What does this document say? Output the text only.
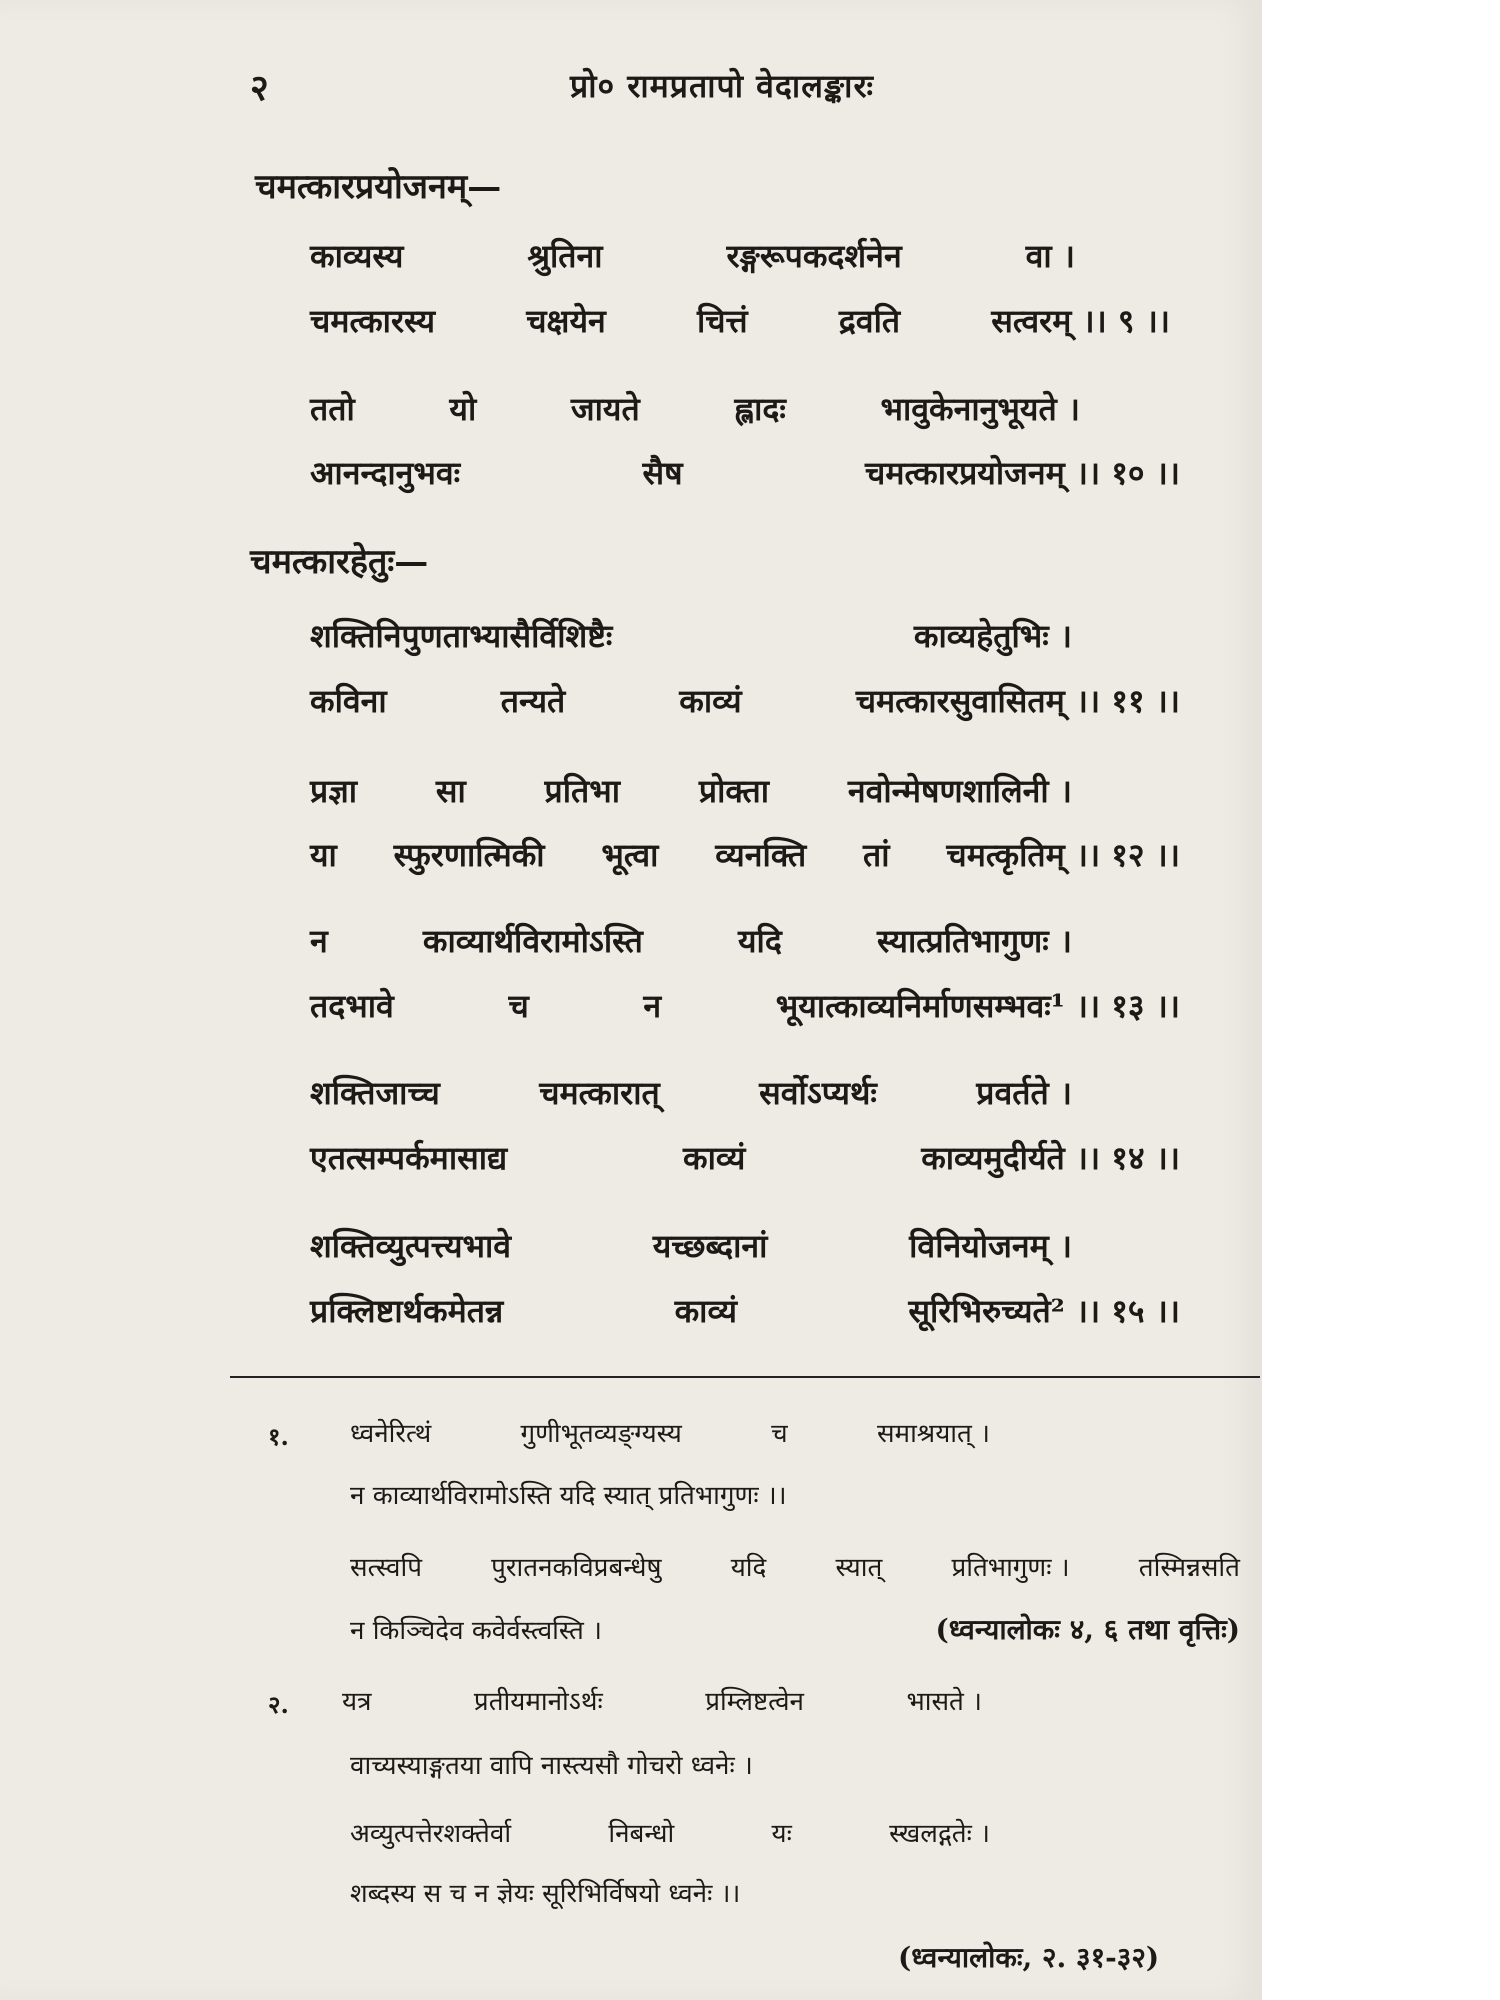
२	प्रो० रामप्रतापो वेदालङ्कारः
चमत्कारप्रयोजनम्—
काव्यस्य	श्रुतिना	रङ्गरूपकदर्शनेन	वा ।
चमत्कारस्य	चक्षयेन	चित्तं	द्रवति	सत्वरम् ।। ९ ।।
ततो	यो	जायते	ह्लादः	भावुकेनानुभूयते ।
आनन्दानुभवः	सैष	चमत्कारप्रयोजनम् ।। १० ।।
चमत्कारहेतुः—
शक्तिनिपुणताभ्यासैर्विशिष्टैः	काव्यहेतुभिः ।
कविना	तन्यते	काव्यं	चमत्कारसुवासितम् ।। ११ ।।
प्रज्ञा सा प्रतिभा प्रोक्ता नवोन्मेषणशालिनी ।
या स्फुरणात्मिकी भूत्वा व्यनक्ति तां चमत्कृतिम् ।। १२ ।।
न	काव्यार्थविरामोऽस्ति	यदि	स्यात्प्रतिभागुणः ।
तदभावे	च	न	भूयात्काव्यनिर्माणसम्भवः¹ ।। १३ ।।
शक्तिजाच्च	चमत्कारात्	सर्वोऽप्यर्थः	प्रवर्तते ।
एतत्सम्पर्कमासाद्य	काव्यं	काव्यमुदीर्यते ।। १४ ।।
शक्तिव्युत्पत्त्यभावे	यच्छब्दानां	विनियोजनम् ।
प्रक्लिष्टार्थकमेतन्न	काव्यं	सूरिभिरुच्यते² ।। १५ ।।
१. ध्वनेरित्थं	गुणीभूतव्यङ्ग्यस्य	च	समाश्रयात् ।
न काव्यार्थविरामोऽस्ति यदि स्यात् प्रतिभागुणः ।।
सत्स्वपि	पुरातनकविप्रबन्धेषु	यदि	स्यात्	प्रतिभागुणः ।	तस्मिन्नसति
न किञ्चिदेव कवेर्वस्त्वस्ति ।	(ध्वन्यालोकः ४, ६ तथा वृत्तिः)
२. यत्र	प्रतीयमानोऽर्थः	प्रम्लिष्टत्वेन	भासते ।
वाच्यस्याङ्गतया वापि नास्त्यसौ गोचरो ध्वनेः ।
अव्युत्पत्तेरशक्तेर्वा	निबन्धो	यः	स्खलद्गतेः ।
शब्दस्य स च न ज्ञेयः सूरिभिर्विषयो ध्वनेः ।।
(ध्वन्यालोकः, २. ३१-३२)
